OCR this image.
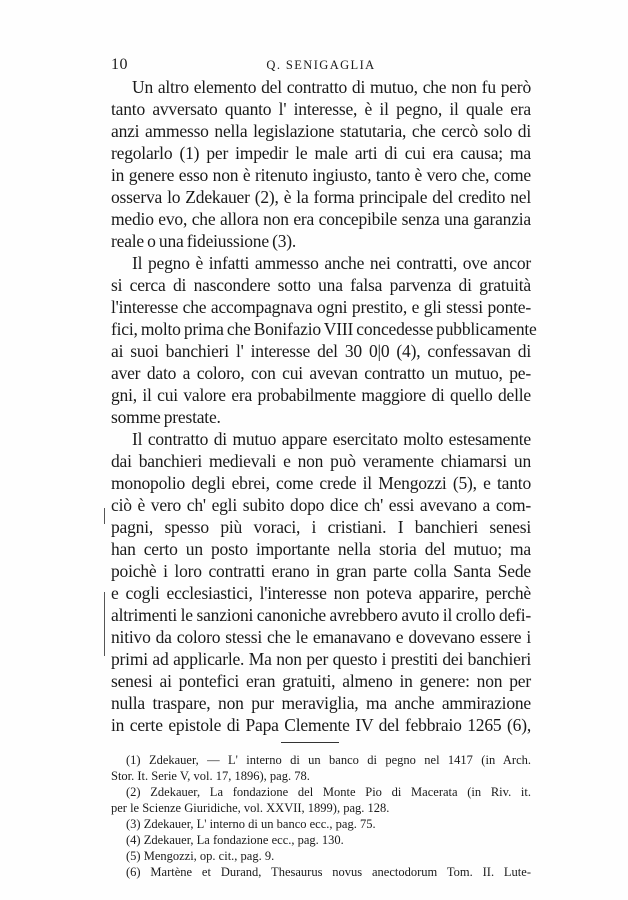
10	Q. SENIGAGLIA

Un altro elemento del contratto di mutuo, che non fu però

tanto avversato quanto l' interesse, è il pegno, il quale era

anzi ammesso nella legislazione statutaria, che cercò solo di

regolarlo (1) per impedir le male arti di cui era causa; ma

in genere esso non è ritenuto ingiusto, tanto è vero che, come

osserva lo Zdekauer (2), è la forma principale del credito nel

medio evo, che allora non era concepibile senza una garanzia

reale o una fideiussione (3).

Il pegno è infatti ammesso anche nei contratti, ove ancor

si cerca di nascondere sotto una falsa parvenza di gratuità

l'interesse che accompagnava ogni prestito, e gli stessi ponte-

fici, molto prima che Bonifazio VIII concedesse pubblicamente

ai suoi banchieri l' interesse del 30 0|0 (4), confessavan di

aver dato a coloro, con cui avevan contratto un mutuo, pe-

gni, il cui valore era probabilmente maggiore di quello delle

somme prestate.

Il contratto di mutuo appare esercitato molto estesamente

dai banchieri medievali e non può veramente chiamarsi un

monopolio degli ebrei, come crede il Mengozzi (5), e tanto

ciò è vero ch' egli subito dopo dice ch' essi avevano a com-

pagni, spesso più voraci, i cristiani. I banchieri senesi

han certo un posto importante nella storia del mutuo; ma

poichè i loro contratti erano in gran parte colla Santa Sede

e cogli ecclesiastici, l'interesse non poteva apparire, perchè

altrimenti le sanzioni canoniche avrebbero avuto il crollo defi-

nitivo da coloro stessi che le emanavano e dovevano essere i

primi ad applicarle. Ma non per questo i prestiti dei banchieri

senesi ai pontefici eran gratuiti, almeno in genere: non per

nulla traspare, non pur meraviglia, ma anche ammirazione

in certe epistole di Papa Clemente IV del febbraio 1265 (6),

(1) Zdekauer, — L' interno di un banco di pegno nel 1417 (in Arch.

Stor. It. Serie V, vol. 17, 1896), pag. 78.

(2) Zdekauer, La fondazione del Monte Pio di Macerata (in Riv. it.

per le Scienze Giuridiche, vol. XXVII, 1899), pag. 128.

(3) Zdekauer, L' interno di un banco ecc., pag. 75.

(4) Zdekauer, La fondazione ecc., pag. 130.

(5) Mengozzi, op. cit., pag. 9.

(6) Martène et Durand, Thesaurus novus anectodorum Tom. II. Lute-
